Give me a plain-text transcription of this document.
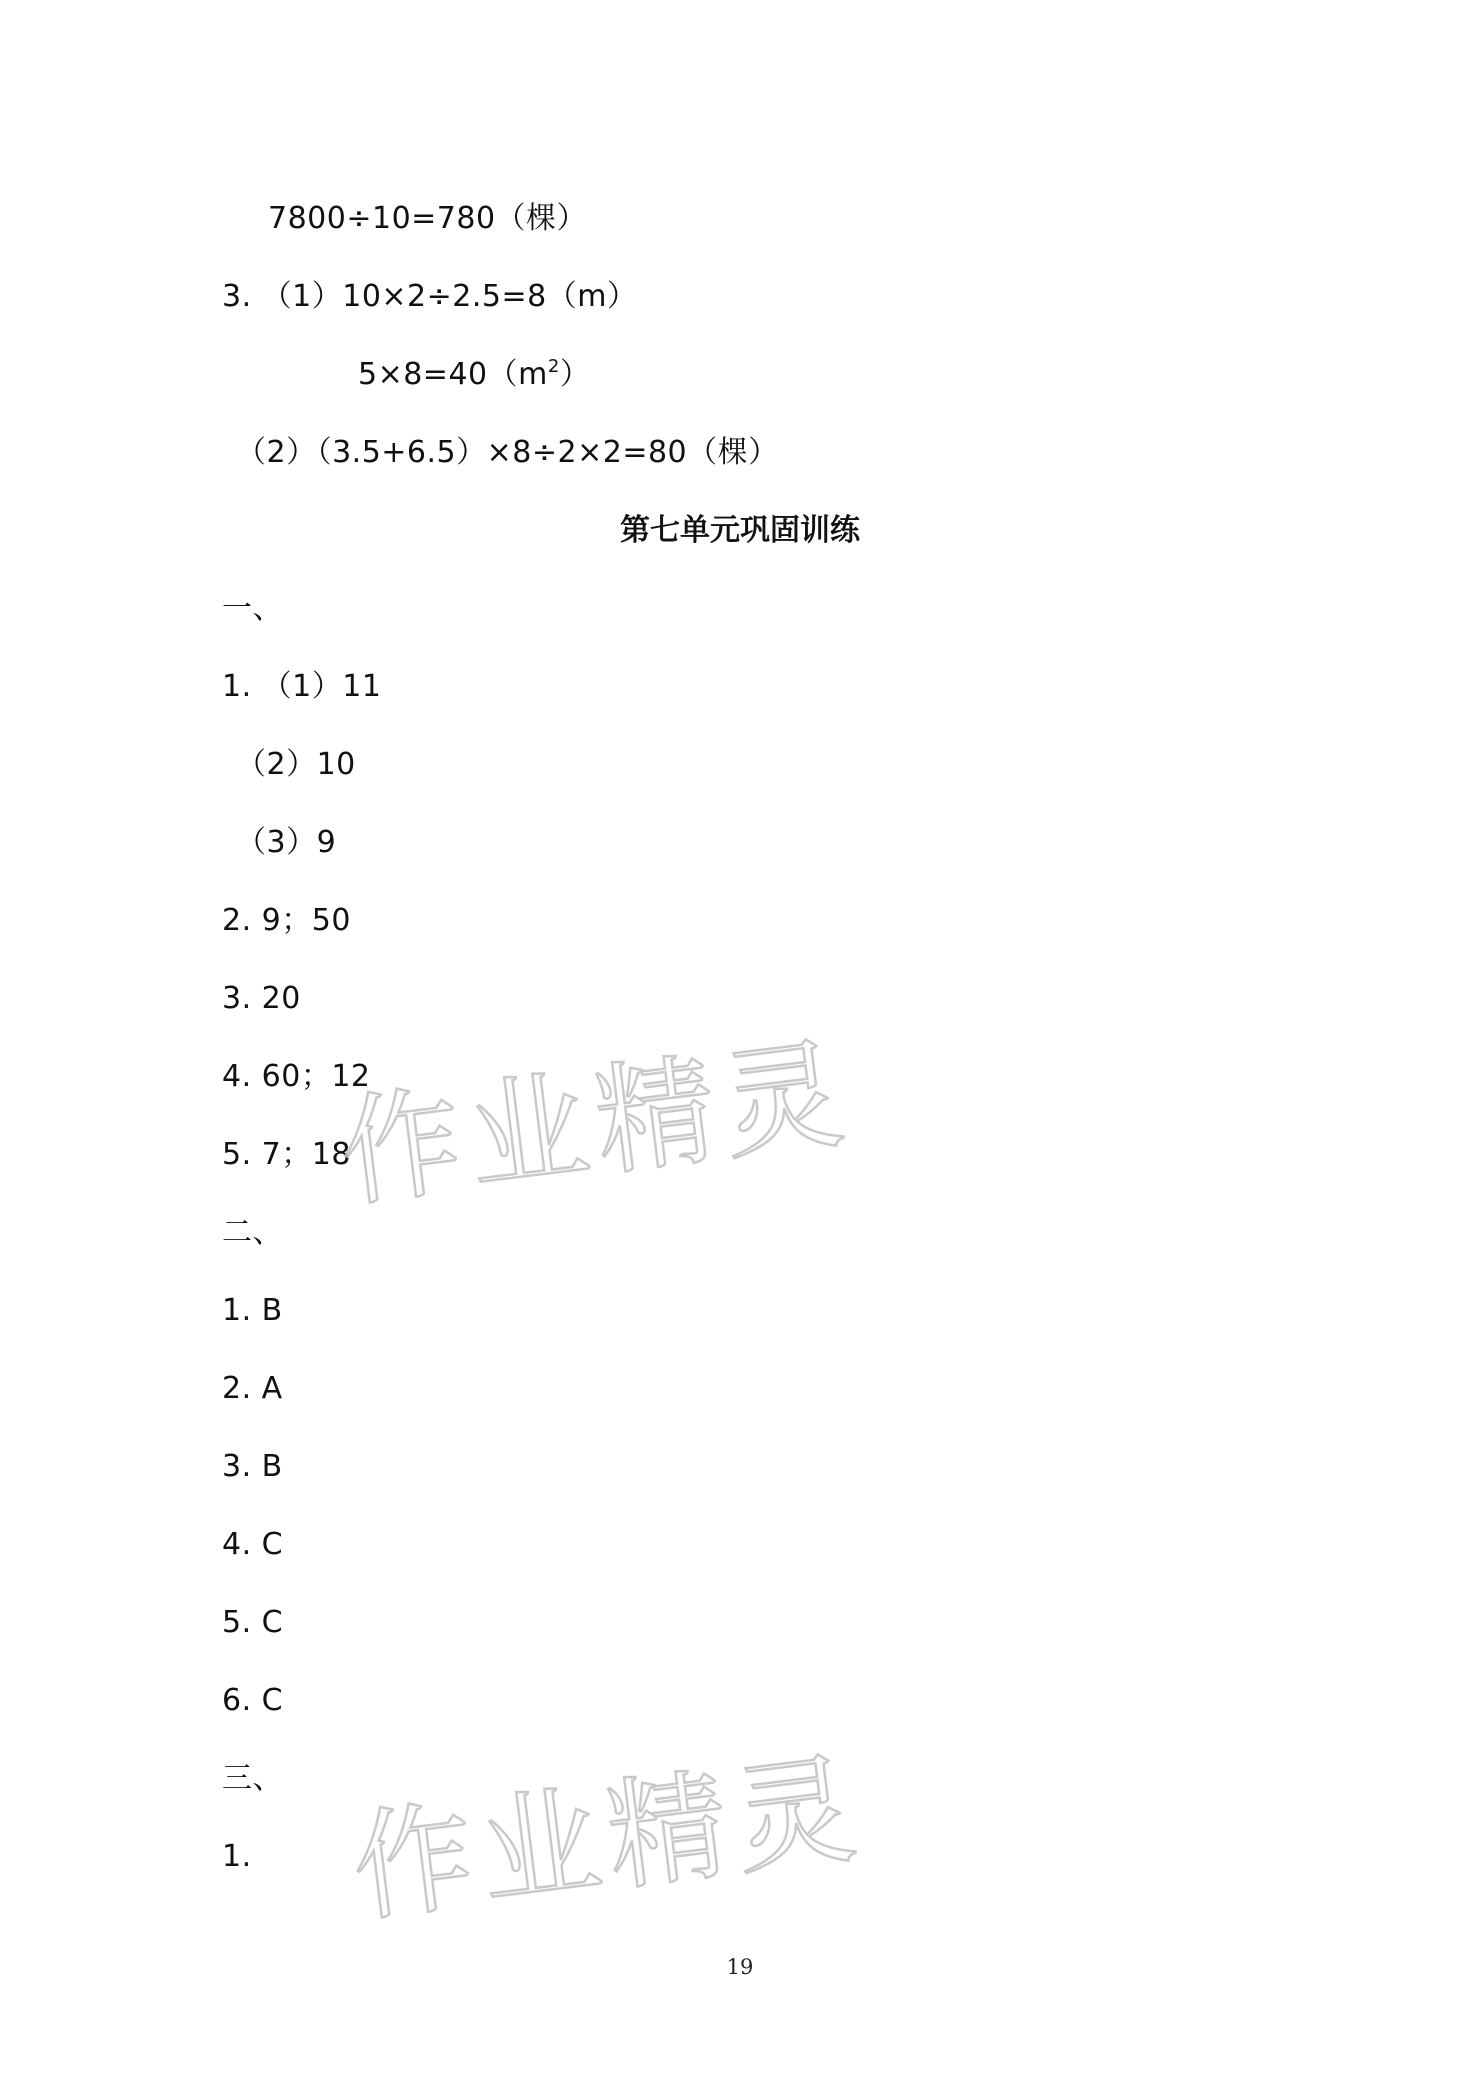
7800÷10=780（棵）
3. （1）10×2÷2.5=8（m）
$5\times 8=40(m^2)$
（2）（3.5+6.5）×8÷2×2=80（棵）
第七单元巩固训练
一、
1. （1）11
（2）10
（3）9
2. 9；50
3. 20
4. 60；12
5. 7；18
二、
1. B
2. A
3. B
4. C
5. C
6. C
三、
1.
19
作业精灵
作业精灵
